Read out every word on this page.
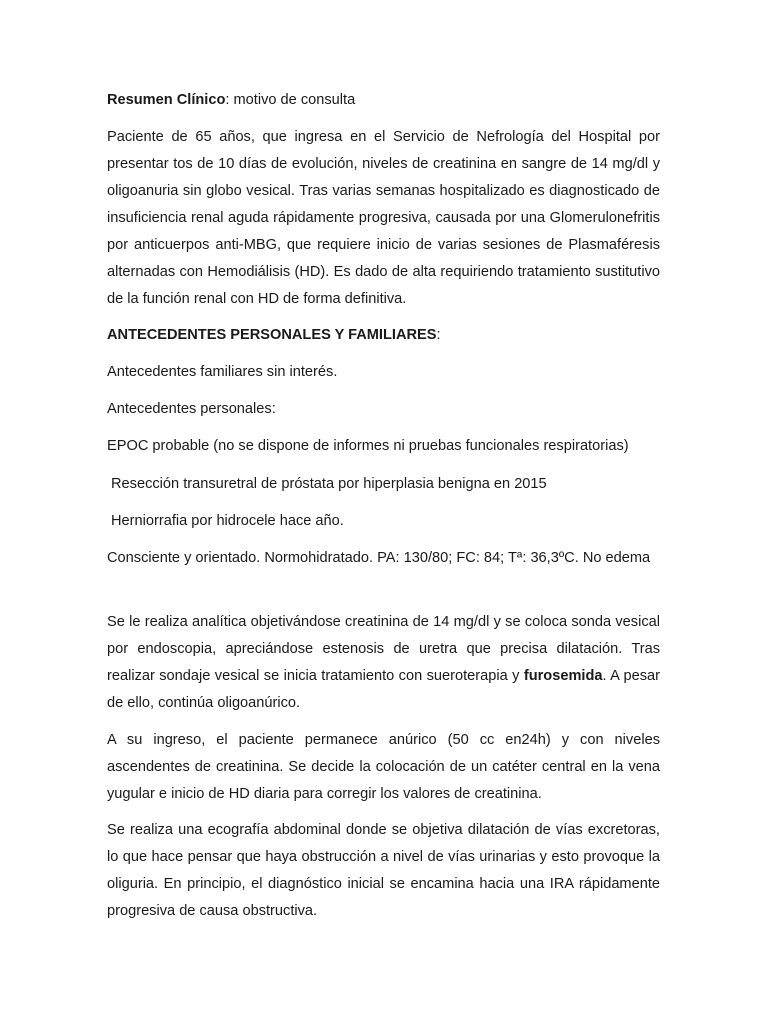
Resumen Clínico: motivo de consulta

Paciente de 65 años, que ingresa en el Servicio de Nefrología del Hospital por presentar tos de 10 días de evolución, niveles de creatinina en sangre de 14 mg/dl y oligoanuria sin globo vesical. Tras varias semanas hospitalizado es diagnosticado de insuficiencia renal aguda rápidamente progresiva, causada por una Glomerulonefritis por anticuerpos anti-MBG, que requiere inicio de varias sesiones de Plasmaféresis alternadas con Hemodiálisis (HD). Es dado de alta requiriendo tratamiento sustitutivo de la función renal con HD de forma definitiva.

ANTECEDENTES PERSONALES Y FAMILIARES:

Antecedentes familiares sin interés.

Antecedentes personales:

EPOC probable (no se dispone de informes ni pruebas funcionales respiratorias)

Resección transuretral de próstata por hiperplasia benigna en 2015

Herniorrafia por hidrocele hace año.

Consciente y orientado. Normohidratado. PA: 130/80; FC: 84; Tª: 36,3ºC. No edema

Se le realiza analítica objetivándose creatinina de 14 mg/dl y se coloca sonda vesical por endoscopia, apreciándose estenosis de uretra que precisa dilatación. Tras realizar sondaje vesical se inicia tratamiento con sueroterapia y furosemida. A pesar de ello, continúa oligoanúrico.

A su ingreso, el paciente permanece anúrico (50 cc en24h) y con niveles ascendentes de creatinina. Se decide la colocación de un catéter central en la vena yugular e inicio de HD diaria para corregir los valores de creatinina.

Se realiza una ecografía abdominal donde se objetiva dilatación de vías excretoras, lo que hace pensar que haya obstrucción a nivel de vías urinarias y esto provoque la oliguria. En principio, el diagnóstico inicial se encamina hacia una IRA rápidamente progresiva de causa obstructiva.
